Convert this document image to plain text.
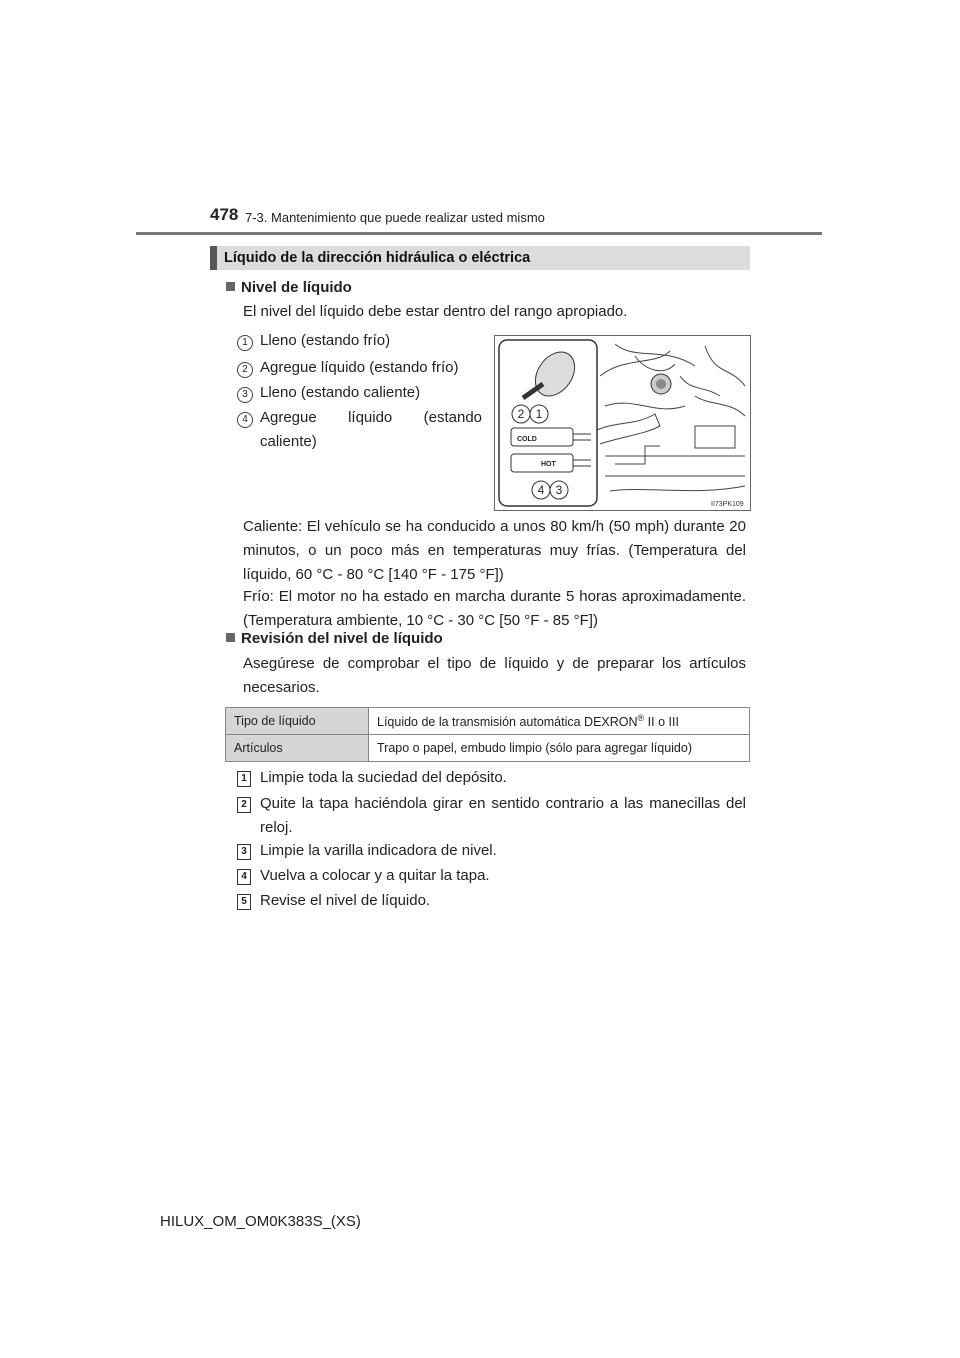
478 7-3. Mantenimiento que puede realizar usted mismo
Líquido de la dirección hidráulica o eléctrica
Nivel de líquido
El nivel del líquido debe estar dentro del rango apropiado.
1 Lleno (estando frío)
2 Agregue líquido (estando frío)
3 Lleno (estando caliente)
4 Agregue líquido (estando caliente)	COLD
HOT
2 1
4 3
II73PK109
Caliente: El vehículo se ha conducido a unos 80 km/h (50 mph) durante 20 minutos, o un poco más en temperaturas muy frías. (Temperatura del líquido, 60 °C - 80 °C [140 °F - 175 °F])
Frío: El motor no ha estado en marcha durante 5 horas aproximadamente. (Temperatura ambiente, 10 °C - 30 °C [50 °F - 85 °F])
Revisión del nivel de líquido
Asegúrese de comprobar el tipo de líquido y de preparar los artículos necesarios.
Tipo de líquido	Líquido de la transmisión automática DEXRON® II o III
Artículos	Trapo o papel, embudo limpio (sólo para agregar líquido)
1 Limpie toda la suciedad del depósito.
2 Quite la tapa haciéndola girar en sentido contrario a las manecillas del reloj.
3 Limpie la varilla indicadora de nivel.
4 Vuelva a colocar y a quitar la tapa.
5 Revise el nivel de líquido.
HILUX_OM_OM0K383S_(XS)
